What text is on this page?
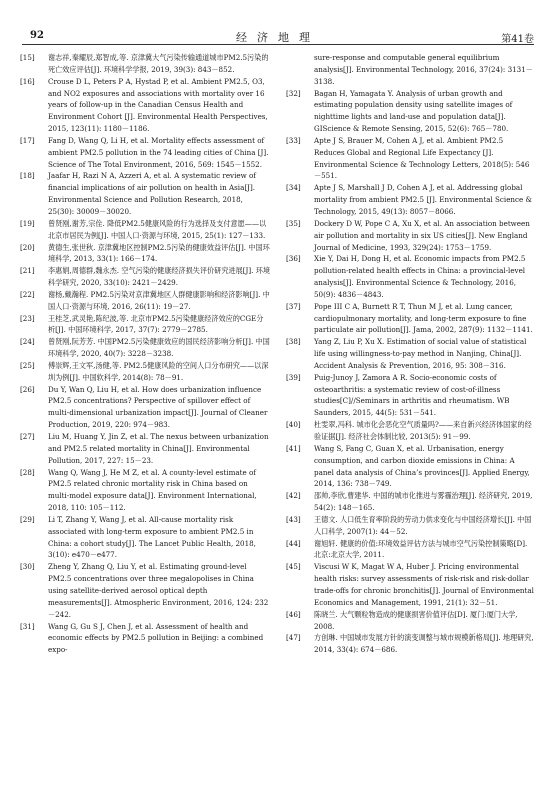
92	经济地理	第41卷
[15]	谢志祥,秦耀辰,郑智成,等. 京津冀大气污染传输通道城市PM2.5污染的死亡效应评估[J]. 环境科学学报, 2019, 39(3): 843－852.
[16]	Crouse D L, Peters P A, Hystad P, et al. Ambient PM2.5, O3, and NO2 exposures and associations with mortality over 16 years of follow-up in the Canadian Census Health and Environment Cohort [J]. Environmental Health Perspectives, 2015, 123(11): 1180－1186.
[17]	Fang D, Wang Q, Li H, et al. Mortality effects assessment of ambient PM2.5 pollution in the 74 leading cities of China [J]. Science of The Total Environment, 2016, 569: 1545－1552.
[18]	Jaafar H, Razi N A, Azzeri A, et al. A systematic review of financial implications of air pollution on health in Asia[J]. Environmental Science and Pollution Research, 2018, 25(30): 30009－30020.
[19]	曾贤刚,谢芳,宗佺. 降低PM2.5健康风险的行为选择及支付意愿——以北京市居民为例[J]. 中国人口·资源与环境, 2015, 25(1): 127－133.
[20]	黄德生,张世秋. 京津冀地区控制PM2.5污染的健康效益评估[J]. 中国环境科学, 2013, 33(1): 166－174.
[21]	李惠娟,周德群,魏永杰. 空气污染的健康经济损失评价研究进展[J]. 环境科学研究, 2020, 33(10): 2421－2429.
[22]	谢杨,戴瀚程. PM2.5污染对京津冀地区人群健康影响和经济影响[J]. 中国人口·资源与环境, 2016, 26(11): 19－27.
[23]	王桂芝,武灵艳,陈纪波,等. 北京市PM2.5污染健康经济效应的CGE分析[J]. 中国环境科学, 2017, 37(7): 2779－2785.
[24]	曾贤刚,阮芳芳. 中国PM2.5污染健康效应的国民经济影响分析[J]. 中国环境科学, 2020, 40(7): 3228－3238.
[25]	傅崇辉,王文军,汤健,等. PM2.5健康风险的空间人口分布研究——以深圳为例[J]. 中国软科学, 2014(8): 78－91.
[26]	Du Y, Wan Q, Liu H, et al. How does urbanization influence PM2.5 concentrations? Perspective of spillover effect of multi-dimensional urbanization impact[J]. Journal of Cleaner Production, 2019, 220: 974－983.
[27]	Liu M, Huang Y, Jin Z, et al. The nexus between urbanization and PM2.5 related mortality in China[J]. Environmental Pollution, 2017, 227: 15－23.
[28]	Wang Q, Wang J, He M Z, et al. A county-level estimate of PM2.5 related chronic mortality risk in China based on multi-model exposure data[J]. Environment International, 2018, 110: 105－112.
[29]	Li T, Zhang Y, Wang J, et al. All-cause mortality risk associated with long-term exposure to ambient PM2.5 in China: a cohort study[J]. The Lancet Public Health, 2018, 3(10): e470－e477.
[30]	Zheng Y, Zhang Q, Liu Y, et al. Estimating ground-level PM2.5 concentrations over three megalopolises in China using satellite-derived aerosol optical depth measurements[J]. Atmospheric Environment, 2016, 124: 232－242.
[31]	Wang G, Gu S J, Chen J, et al. Assessment of health and economic effects by PM2.5 pollution in Beijing: a combined expo-
sure-response and computable general equilibrium analysis[J]. Environmental Technology, 2016, 37(24): 3131－3138.
[32]	Bagan H, Yamagata Y. Analysis of urban growth and estimating population density using satellite images of nighttime lights and land-use and population data[J]. GIScience & Remote Sensing, 2015, 52(6): 765－780.
[33]	Apte J S, Brauer M, Cohen A J, et al. Ambient PM2.5 Reduces Global and Regional Life Expectancy [J]. Environmental Science & Technology Letters, 2018(5): 546－551.
[34]	Apte J S, Marshall J D, Cohen A J, et al. Addressing global mortality from ambient PM2.5 [J]. Environmental Science & Technology, 2015, 49(13): 8057－8066.
[35]	Dockery D W, Pope C A, Xu X, et al. An association between air pollution and mortality in six US cities[J]. New England Journal of Medicine, 1993, 329(24): 1753－1759.
[36]	Xie Y, Dai H, Dong H, et al. Economic impacts from PM2.5 pollution-related health effects in China: a provincial-level analysis[J]. Environmental Science & Technology, 2016, 50(9): 4836－4843.
[37]	Pope III C A, Burnett R T, Thun M J, et al. Lung cancer, cardiopulmonary mortality, and long-term exposure to fine particulate air pollution[J]. Jama, 2002, 287(9): 1132－1141.
[38]	Yang Z, Liu P, Xu X. Estimation of social value of statistical life using willingness-to-pay method in Nanjing, China[J]. Accident Analysis & Prevention, 2016, 95: 308－316.
[39]	Puig-Junoy J, Zamora A R. Socio-economic costs of osteoarthritis: a systematic review of cost-of-illness studies[C]//Seminars in arthritis and rheumatism. WB Saunders, 2015, 44(5): 531－541.
[40]	杜雯翠,冯科. 城市化会恶化空气质量吗?——来自新兴经济体国家的经验证据[J]. 经济社会体制比较, 2013(5): 91－99.
[41]	Wang S, Fang C, Guan X, et al. Urbanisation, energy consumption, and carbon dioxide emissions in China: A panel data analysis of China’s provinces[J]. Applied Energy, 2014, 136: 738－749.
[42]	邵帅,李欣,曹建华. 中国的城市化推进与雾霾治理[J]. 经济研究, 2019, 54(2): 148－165.
[43]	王德文. 人口低生育率阶段的劳动力供求变化与中国经济增长[J]. 中国人口科学, 2007(1): 44－52.
[44]	谢旭轩. 健康的价值:环境效益评估方法与城市空气污染控制策略[D]. 北京:北京大学, 2011.
[45]	Viscusi W K, Magat W A, Huber J. Pricing environmental health risks: survey assessments of risk-risk and risk-dollar trade-offs for chronic bronchitis[J]. Journal of Environmental Economics and Management, 1991, 21(1): 32－51.
[46]	陈晓兰. 大气颗粒物造成的健康损害价值评估[D]. 厦门:厦门大学, 2008.
[47]	方创琳. 中国城市发展方针的演变调整与城市规模新格局[J]. 地理研究, 2014, 33(4): 674－686.
